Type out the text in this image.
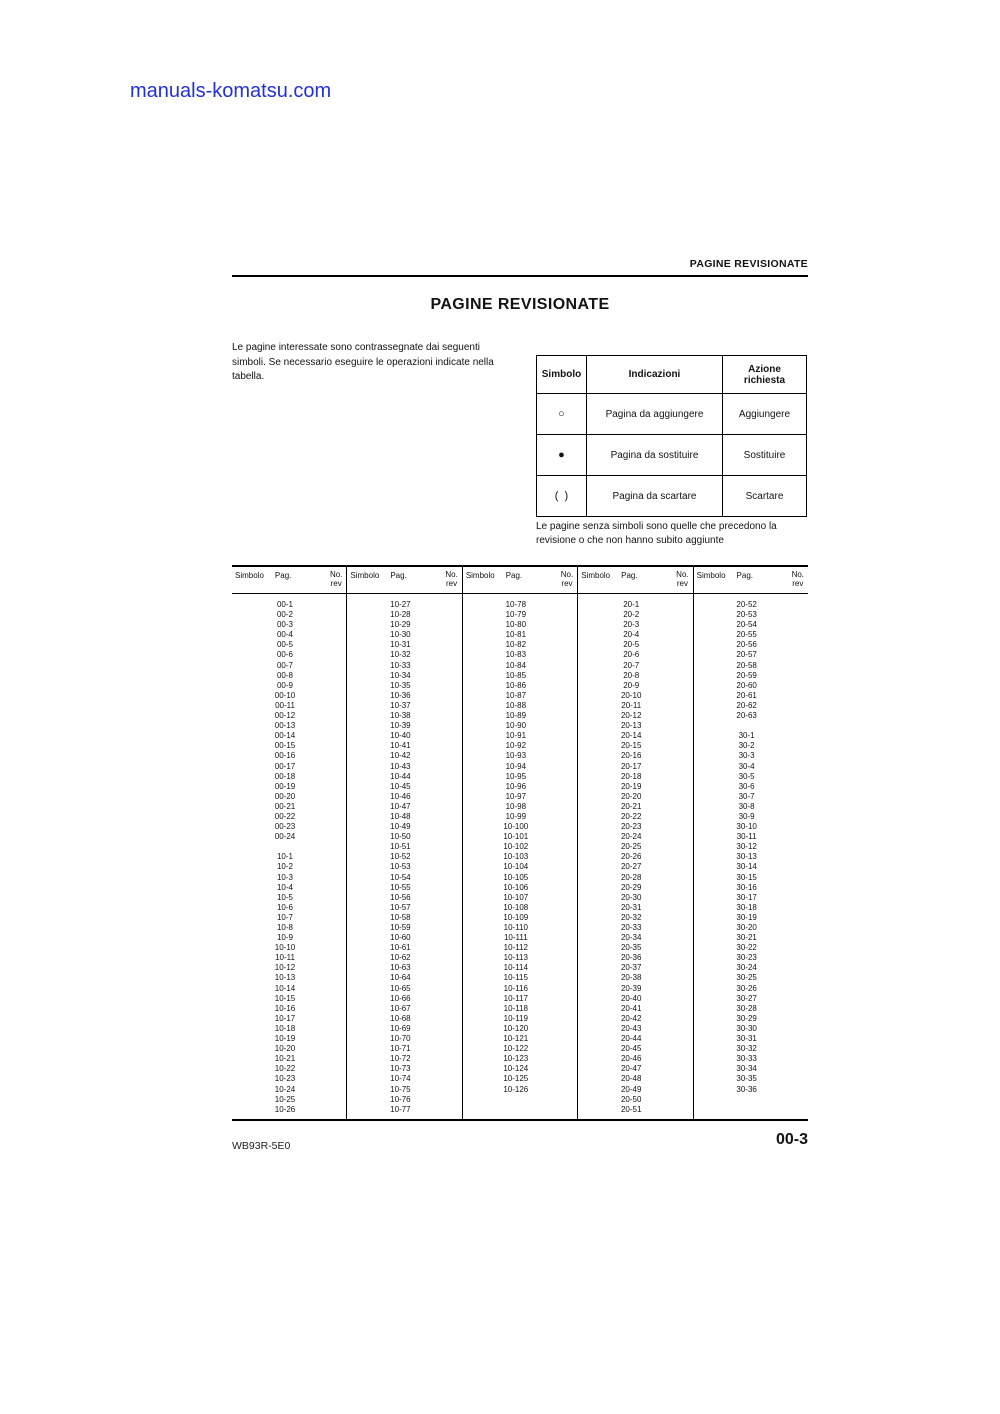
manuals-komatsu.com
PAGINE REVISIONATE
PAGINE REVISIONATE
Le pagine interessate sono contrassegnate dai seguenti simboli. Se necessario eseguire le operazioni indicate nella tabella.	Simbolo	Indicazioni	Azione richiesta
○	Pagina da aggiungere	Aggiungere
●	Pagina da sostituire	Sostituire
(  )	Pagina da scartare	Scartare
Le pagine senza simboli sono quelle che precedono la revisione o che non hanno subito aggiunte
Simbolo Pag.	No.
rev
00-1
00-2
00-3
00-4
00-5
00-6
00-7
00-8
00-9
00-10
00-11
00-12
00-13
00-14
00-15
00-16
00-17
00-18
00-19
00-20
00-21
00-22
00-23
00-24

10-1
10-2
10-3
10-4
10-5
10-6
10-7
10-8
10-9
10-10
10-11
10-12
10-13
10-14
10-15
10-16
10-17
10-18
10-19
10-20
10-21
10-22
10-23
10-24
10-25
10-26
Simbolo Pag.	No.
rev
10-27
10-28
10-29
10-30
10-31
10-32
10-33
10-34
10-35
10-36
10-37
10-38
10-39
10-40
10-41
10-42
10-43
10-44
10-45
10-46
10-47
10-48
10-49
10-50
10-51
10-52
10-53
10-54
10-55
10-56
10-57
10-58
10-59
10-60
10-61
10-62
10-63
10-64
10-65
10-66
10-67
10-68
10-69
10-70
10-71
10-72
10-73
10-74
10-75
10-76
10-77
Simbolo Pag.	No.
rev
10-78
10-79
10-80
10-81
10-82
10-83
10-84
10-85
10-86
10-87
10-88
10-89
10-90
10-91
10-92
10-93
10-94
10-95
10-96
10-97
10-98
10-99
10-100
10-101
10-102
10-103
10-104
10-105
10-106
10-107
10-108
10-109
10-110
10-111
10-112
10-113
10-114
10-115
10-116
10-117
10-118
10-119
10-120
10-121
10-122
10-123
10-124
10-125
10-126
Simbolo Pag.	No.
rev
20-1
20-2
20-3
20-4
20-5
20-6
20-7
20-8
20-9
20-10
20-11
20-12
20-13
20-14
20-15
20-16
20-17
20-18
20-19
20-20
20-21
20-22
20-23
20-24
20-25
20-26
20-27
20-28
20-29
20-30
20-31
20-32
20-33
20-34
20-35
20-36
20-37
20-38
20-39
20-40
20-41
20-42
20-43
20-44
20-45
20-46
20-47
20-48
20-49
20-50
20-51
Simbolo Pag.	No.
rev
20-52
20-53
20-54
20-55
20-56
20-57
20-58
20-59
20-60
20-61
20-62
20-63

30-1
30-2
30-3
30-4
30-5
30-6
30-7
30-8
30-9
30-10
30-11
30-12
30-13
30-14
30-15
30-16
30-17
30-18
30-19
30-20
30-21
30-22
30-23
30-24
30-25
30-26
30-27
30-28
30-29
30-30
30-31
30-32
30-33
30-34
30-35
30-36
WB93R-5E0	00-3
